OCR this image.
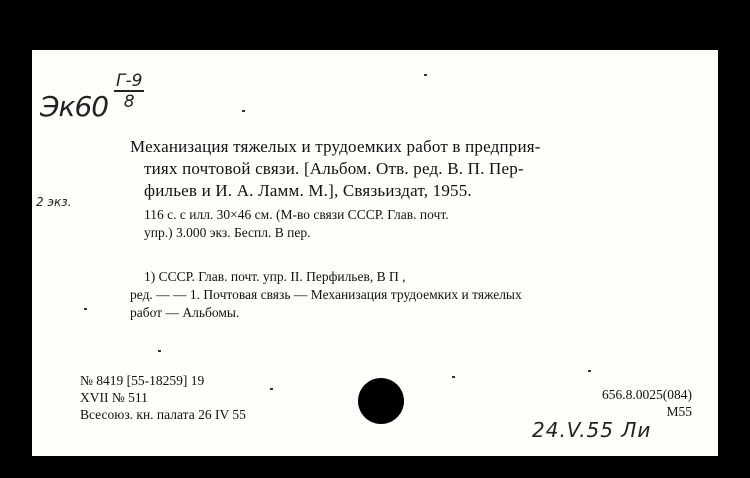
Эк60
Г-9
8
2 экз.
Механизация тяжелых и трудоемких работ в предприя-
тиях почтовой связи. [Альбом. Отв. ред. В. П. Пер-
фильев и И. А. Ламм. М.], Связьиздат, 1955.
116 с. с илл. 30×46 см. (М-во связи СССР. Глав. почт.
упр.) 3.000 экз. Беспл. В пер.
1) СССР. Глав. почт. упр. II. Перфильев, В П ,
ред. — — 1. Почтовая связь — Механизация трудоемких и тяжелых
работ — Альбомы.
№ 8419 [55-18259] 19
XVII № 511
Всесоюз. кн. палата 26 IV 55
656.8.0025(084)
М55
24.V.55 Ли
